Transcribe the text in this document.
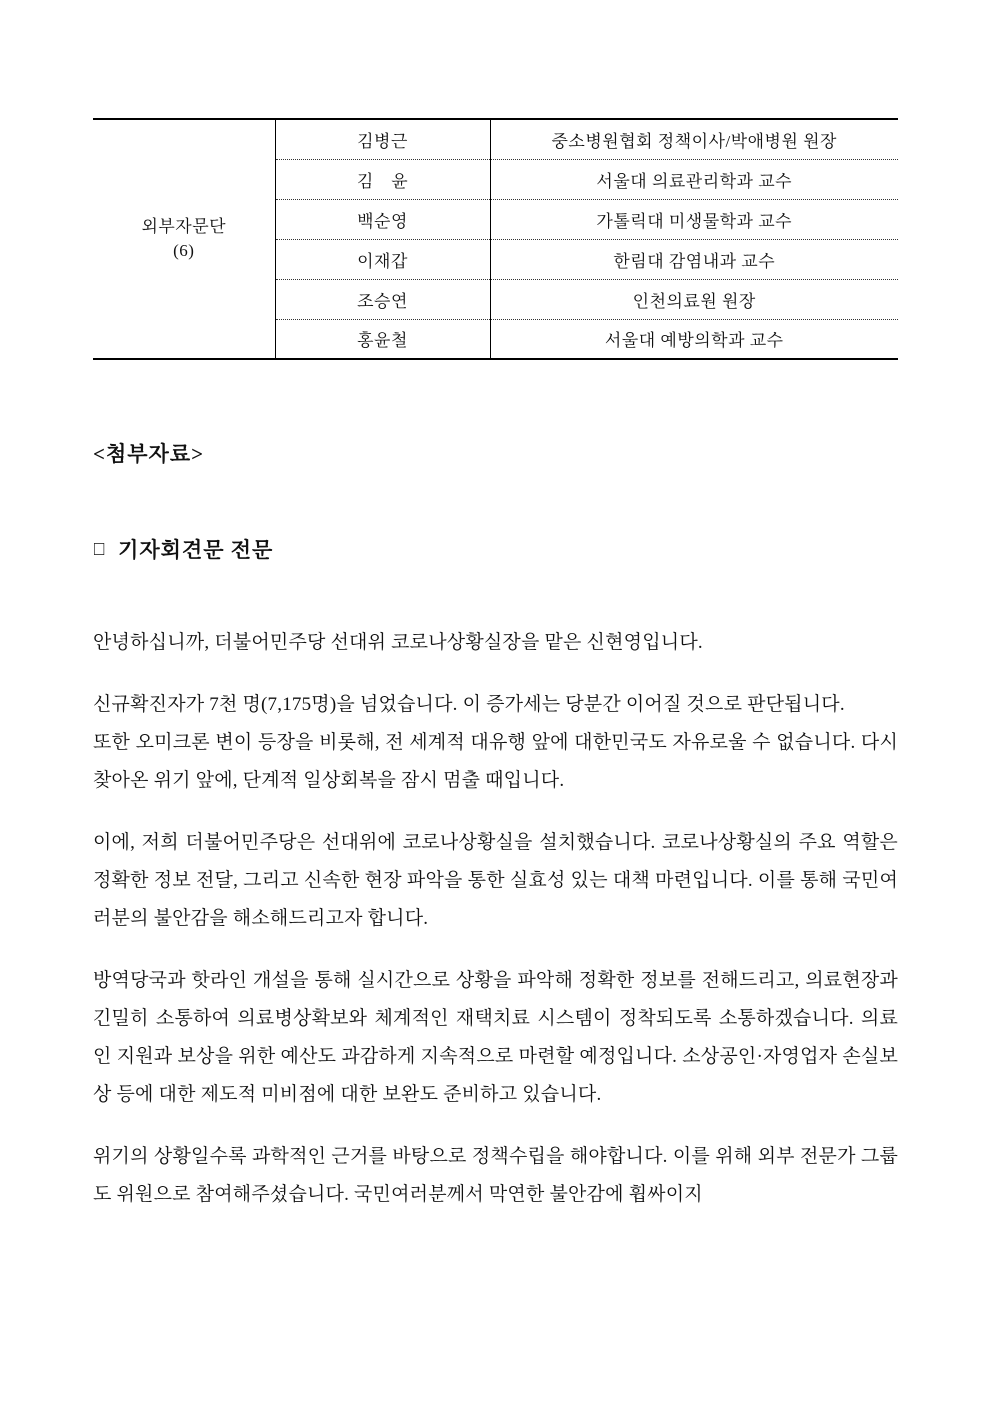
외부자문단
(6)	김병근	중소병원협회 정책이사/박애병원 원장
	김　윤	서울대 의료관리학과 교수
	백순영	가톨릭대 미생물학과 교수
	이재갑	한림대 감염내과 교수
	조승연	인천의료원 원장
	홍윤철	서울대 예방의학과 교수
<첨부자료>
□ 기자회견문 전문

안녕하십니까, 더불어민주당 선대위 코로나상황실장을 맡은 신현영입니다.

신규확진자가 7천 명(7,175명)을 넘었습니다. 이 증가세는 당분간 이어질 것으로 판단됩니다.

또한 오미크론 변이 등장을 비롯해, 전 세계적 대유행 앞에 대한민국도 자유로울 수 없습니다. 다시 찾아온 위기 앞에, 단계적 일상회복을 잠시 멈출 때입니다.

이에, 저희 더불어민주당은 선대위에 코로나상황실을 설치했습니다. 코로나상황실의 주요 역할은 정확한 정보 전달, 그리고 신속한 현장 파악을 통한 실효성 있는 대책 마련입니다. 이를 통해 국민여러분의 불안감을 해소해드리고자 합니다.

방역당국과 핫라인 개설을 통해 실시간으로 상황을 파악해 정확한 정보를 전해드리고, 의료현장과 긴밀히 소통하여 의료병상확보와 체계적인 재택치료 시스템이 정착되도록 소통하겠습니다. 의료인 지원과 보상을 위한 예산도 과감하게 지속적으로 마련할 예정입니다. 소상공인·자영업자 손실보상 등에 대한 제도적 미비점에 대한 보완도 준비하고 있습니다.

위기의 상황일수록 과학적인 근거를 바탕으로 정책수립을 해야합니다. 이를 위해 외부 전문가 그룹도 위원으로 참여해주셨습니다. 국민여러분께서 막연한 불안감에 휩싸이지
